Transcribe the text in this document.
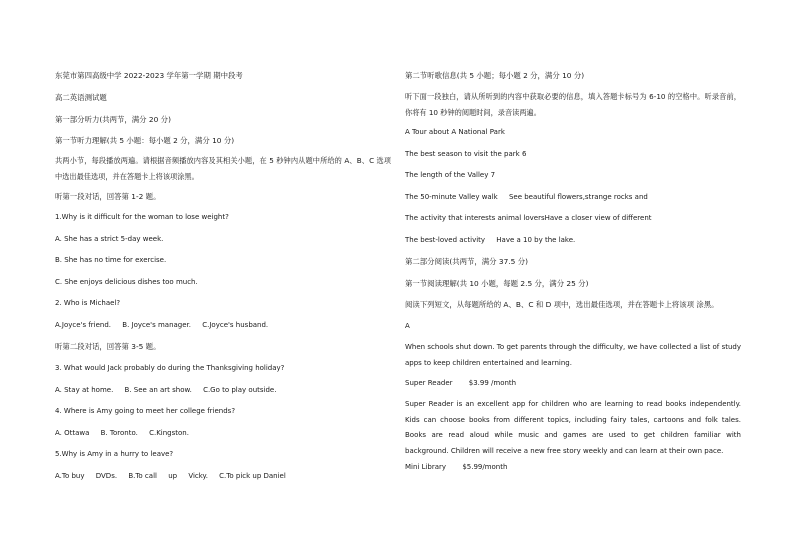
东莞市第四高级中学 2022-2023 学年第一学期 期中段考
高二英语测试题
第一部分听力(共两节，满分 20 分)
第一节听力理解(共 5 小题：每小题 2 分，满分 10 分)
共两小节，每段播放两遍。请根据音频播放内容及其相关小题，在 5 秒钟内从题中所给的 A、B、C 选项中选出最佳选项，并在答题卡上将该项涂黑。
听第一段对话，回答第 1-2 题。
1.Why is it difficult for the woman to lose weight?
A. She has a strict 5-day week.
B. She has no time for exercise.
C. She enjoys delicious dishes too much.
2. Who is Michael?
A.Joyce's friend. B. Joyce's manager. C.Joyce's husband.
听第二段对话，回答第 3-5 题。
3. What would Jack probably do during the Thanksgiving holiday?
A. Stay at home. B. See an art show. C.Go to play outside.
4. Where is Amy going to meet her college friends?
A. Ottawa B. Toronto. C.Kingston.
5.Why is Amy in a hurry to leave?
A.To buy DVDs. B.To call up Vicky. C.To pick up Daniel
第二节听歌信息(共 5 小题；每小题 2 分，满分 10 分)
听下面一段独白，请从所听到的内容中获取必要的信息，填入答题卡标号为 6-10 的空格中。听录音前，你将有 10 秒钟的阅题时间，录音读两遍。
A Tour about A National Park
The best season to visit the park 6
The length of the Valley 7
The 50-minute Valley walk See beautiful flowers,strange rocks and
The activity that interests animal loversHave a closer view of different
The best-loved activity Have a 10 by the lake.
第二部分阅读(共两节，满分 37.5 分)
第一节阅读理解(共 10 小题，每题 2.5 分，满分 25 分)
阅读下列短文，从每题所给的 A、B、C 和 D 项中，选出最佳选项，并在答题卡上将该项 涂黑。
A
When schools shut down. To get parents through the difficulty, we have collected a list of study apps to keep children entertained and learning.
Super Reader $3.99 /month
Super Reader is an excellent app for children who are learning to read books independently. Kids can choose books from different topics, including fairy tales, cartoons and folk tales. Books are read aloud while music and games are used to get children familiar with background. Children will receive a new free story weekly and can learn at their own pace.
Mini Library $5.99/month
